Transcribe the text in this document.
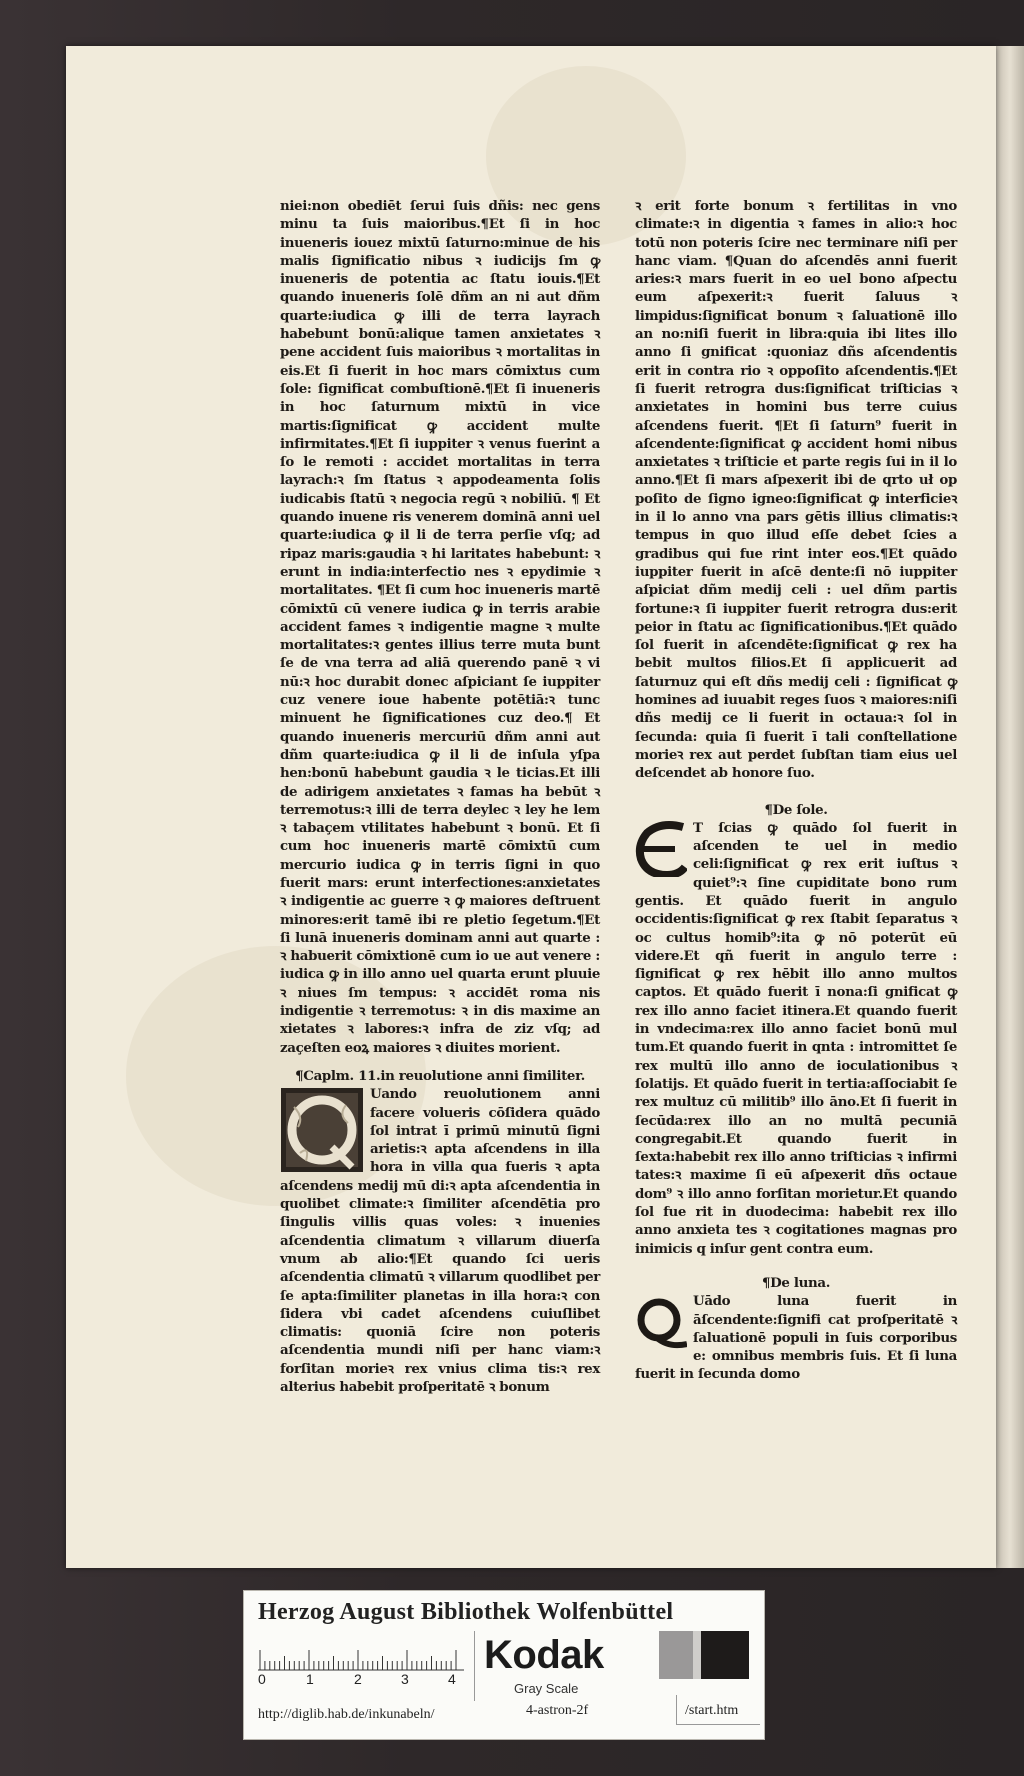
niei:non obediēt ſerui ſuis dñis: nec gens minu ta ſuis maioribus.¶Et ſi in hoc inueneris iouez mixtū ſaturno:minue de his malis ſignificatio nibus ꝛ iudicijs ſm ꝙ inueneris de potentia ac ſtatu iouis.¶Et quando inueneris ſolē dñm an ni aut dñm quarte:iudica ꝙ illi de terra layrach habebunt bonū:alique tamen anxietates ꝛ pene accident ſuis maioribus ꝛ mortalitas in eis.Et ſi fuerit in hoc mars cōmixtus cum ſole: ſignificat combuſtionē.¶Et ſi inueneris in hoc ſaturnum mixtū in vice martis:ſignificat ꝙ accident multe infirmitates.¶Et ſi iuppiter ꝛ venus fuerint a ſo le remoti : accidet mortalitas in terra layrach:ꝛ ſm ſtatus ꝛ appodeamenta ſolis iudicabis ſtatū ꝛ negocia regū ꝛ nobiliū. ¶ Et quando inuene ris venerem dominā anni uel quarte:iudica ꝙ il li de terra perſie vſq; ad ripaz maris:gaudia ꝛ hi laritates habebunt: ꝛ erunt in india:interfectio nes ꝛ epydimie ꝛ mortalitates. ¶Et ſi cum hoc inueneris martē cōmixtū cū venere iudica ꝙ in terris arabie accident fames ꝛ indigentie magne ꝛ multe mortalitates:ꝛ gentes illius terre muta bunt ſe de vna terra ad aliā querendo panē ꝛ vi nū:ꝛ hoc durabit donec aſpiciant ſe iuppiter cuz venere ioue habente potētiā:ꝛ tunc minuent he ſignificationes cuz deo.¶ Et quando inueneris mercuriū dñm anni aut dñm quarte:iudica ꝙ il li de inſula yſpa hen:bonū habebunt gaudia ꝛ le ticias.Et illi de adirigem anxietates ꝛ famas ha bebūt ꝛ terremotus:ꝛ illi de terra deylec ꝛ ley he lem ꝛ tabaçem vtilitates habebunt ꝛ bonū. Et ſi cum hoc inueneris martē cōmixtū cum mercurio iudica ꝙ in terris ſigni in quo fuerit mars: erunt interfectiones:anxietates ꝛ indigentie ac guerre ꝛ ꝙ maiores deſtruent minores:erit tamē ibi re pletio ſegetum.¶Et ſi lunā inueneris dominam anni aut quarte : ꝛ habuerit cōmixtionē cum io ue aut venere : iudica ꝙ in illo anno uel quarta erunt pluuie ꝛ niues ſm tempus: ꝛ accidēt roma nis indigentie ꝛ terremotus: ꝛ in dis maxime an xietates ꝛ labores:ꝛ infra de ziz vſq; ad zaçeſten eoꝝ maiores ꝛ diuites morient.

¶Caplm. 11.in reuolutione anni ſimiliter.

Uando reuolutionem anni facere volueris cōſidera quādo ſol intrat ī primū minutū ſigni arietis:ꝛ apta aſcendens in illa hora in villa qua fueris ꝛ apta aſcendens medij mū di:ꝛ apta aſcendentia in quolibet climate:ꝛ ſimiliter aſcendētia pro ſingulis villis quas voles: ꝛ inuenies aſcendentia climatum ꝛ villarum diuerſa vnum ab alio:¶Et quando ſci ueris aſcendentia climatū ꝛ villarum quodlibet per ſe apta:ſimiliter planetas in illa hora:ꝛ con ſidera vbi cadet aſcendens cuiuſlibet climatis: quoniā ſcire non poteris aſcendentia mundi niſi per hanc viam:ꝛ forſitan morieꝛ rex vnius clima tis:ꝛ rex alterius habebit proſperitatē ꝛ bonum

ꝛ erit forte bonum ꝛ fertilitas in vno climate:ꝛ in digentia ꝛ fames in alio:ꝛ hoc totū non poteris ſcire nec terminare niſi per hanc viam. ¶Quan do aſcendēs anni fuerit aries:ꝛ mars fuerit in eo uel bono aſpectu eum aſpexerit:ꝛ fuerit ſaluus ꝛ limpidus:ſignificat bonum ꝛ ſaluationē illo an no:niſi fuerit in libra:quia ibi lites illo anno ſi gnificat :quoniaz dñs aſcendentis erit in contra rio ꝛ oppoſito aſcendentis.¶Et ſi fuerit retrogra dus:ſignificat triſticias ꝛ anxietates in homini bus terre cuius aſcendens fuerit. ¶Et ſi ſaturn⁹ fuerit in aſcendente:ſignificat ꝙ accident homi nibus anxietates ꝛ triſticie et parte regis ſui in il lo anno.¶Et ſi mars aſpexerit ibi de qrto uł op poſito de ſigno igneo:ſignificat ꝙ interficieꝛ in il lo anno vna pars gētis illius climatis:ꝛ tempus in quo illud eſſe debet ſcies a gradibus qui fue rint inter eos.¶Et quādo iuppiter fuerit in aſcē dente:ſi nō iuppiter aſpiciat dñm medij celi : uel dñm partis fortune:ꝛ ſi iuppiter fuerit retrogra dus:erit peior in ſtatu ac ſignificationibus.¶Et quādo ſol fuerit in aſcendēte:ſignificat ꝙ rex ha bebit multos filios.Et ſi applicuerit ad ſaturnuz qui eſt dñs medij celi : ſignificat ꝙ homines ad iuuabit reges ſuos ꝛ maiores:niſi dñs medij ce li fuerit in octaua:ꝛ ſol in ſecunda: quia ſi fuerit ī tali conſtellatione morieꝛ rex aut perdet ſubſtan tiam eius uel deſcendet ab honore ſuo.

¶De ſole.

T ſcias ꝙ quādo ſol fuerit in aſcenden te uel in medio celi:ſignificat ꝙ rex erit iuſtus ꝛ quiet⁹:ꝛ ſine cupiditate bono rum gentis. Et quādo fuerit in angulo occidentis:ſignificat ꝙ rex ſtabit ſeparatus ꝛ oc cultus homib⁹:ita ꝙ nō poterūt eū videre.Et qñ fuerit in angulo terre : ſignificat ꝙ rex hēbit illo anno multos captos. Et quādo fuerit ī nona:ſi gnificat ꝙ rex illo anno faciet itinera.Et quando fuerit in vndecima:rex illo anno faciet bonū mul tum.Et quando fuerit in qnta : intromittet ſe rex multū illo anno de ioculationibus ꝛ ſolatijs. Et quādo fuerit in tertia:aſſociabit ſe rex multuz cū militib⁹ illo āno.Et ſi fuerit in ſecūda:rex illo an no multā pecuniā congregabit.Et quando fuerit in ſexta:habebit rex illo anno triſticias ꝛ infirmi tates:ꝛ maxime ſi eū aſpexerit dñs octaue dom⁹ ꝛ illo anno forſitan morietur.Et quando ſol fue rit in duodecima: habebit rex illo anno anxieta tes ꝛ cogitationes magnas pro inimicis q inſur gent contra eum.

¶De luna.

Uādo luna fuerit in āſcendente:ſignifi cat proſperitatē ꝛ ſaluationē populi in ſuis corporibus e: omnibus membris ſuis. Et ſi luna fuerit in ſecunda domo

Herzog August Bibliothek Wolfenbüttel
0	1	2	3	4
Kodak
Gray Scale
http://diglib.hab.de/inkunabeln/	4-astron-2f	/start.htm
